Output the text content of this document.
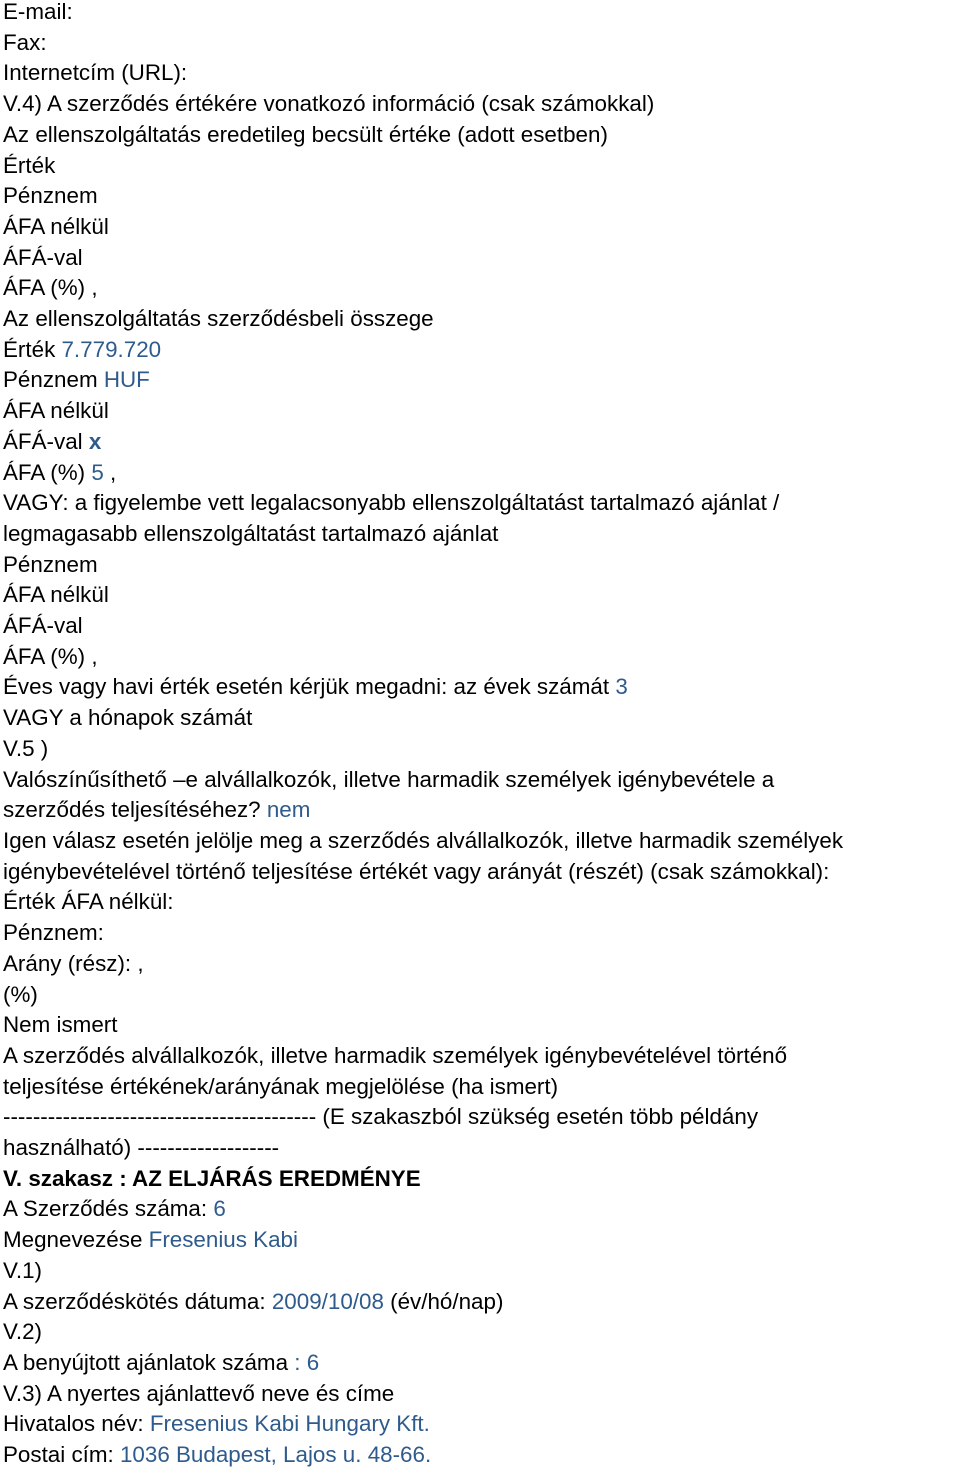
E-mail:
Fax:
Internetcím (URL):
V.4) A szerződés értékére vonatkozó információ (csak számokkal)
Az ellenszolgáltatás eredetileg becsült értéke (adott esetben)
Érték
Pénznem
ÁFA nélkül
ÁFÁ-val
ÁFA (%) ,
Az ellenszolgáltatás szerződésbeli összege
Érték 7.779.720
Pénznem HUF
ÁFA nélkül
ÁFÁ-val x
ÁFA (%) 5 ,
VAGY: a figyelembe vett legalacsonyabb ellenszolgáltatást tartalmazó ajánlat /
legmagasabb ellenszolgáltatást tartalmazó ajánlat
Pénznem
ÁFA nélkül
ÁFÁ-val
ÁFA (%) ,
Éves vagy havi érték esetén kérjük megadni: az évek számát 3
VAGY a hónapok számát
V.5 )
Valószínűsíthető –e alvállalkozók, illetve harmadik személyek igénybevétele a
szerződés teljesítéséhez? nem
Igen válasz esetén jelölje meg a szerződés alvállalkozók, illetve harmadik személyek
igénybevételével történő teljesítése értékét vagy arányát (részét) (csak számokkal):
Érték ÁFA nélkül:
Pénznem:
Arány (rész): ,
(%)
Nem ismert
A szerződés alvállalkozók, illetve harmadik személyek igénybevételével történő
teljesítése értékének/arányának megjelölése (ha ismert)
------------------------------------------ (E szakaszból szükség esetén több példány
használható) -------------------
V. szakasz : AZ ELJÁRÁS EREDMÉNYE
A Szerződés száma: 6
Megnevezése Fresenius Kabi
V.1)
A szerződéskötés dátuma: 2009/10/08 (év/hó/nap)
V.2)
A benyújtott ajánlatok száma : 6
V.3) A nyertes ajánlattevő neve és címe
Hivatalos név: Fresenius Kabi Hungary Kft.
Postai cím: 1036 Budapest, Lajos u. 48-66.
